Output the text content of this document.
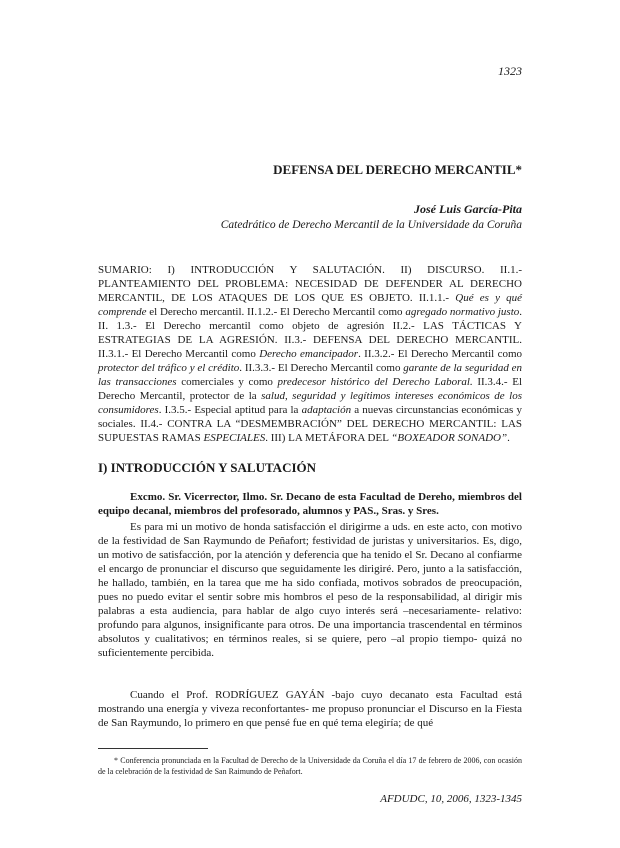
1323
DEFENSA DEL DERECHO MERCANTIL*
José Luis García-Pita
Catedrático de Derecho Mercantil de la Universidade da Coruña
SUMARIO: I) INTRODUCCIÓN Y SALUTACIÓN. II) DISCURSO. II.1.- PLANTEAMIENTO DEL PROBLEMA: NECESIDAD DE DEFENDER AL DERECHO MERCANTIL, DE LOS ATAQUES DE LOS QUE ES OBJETO. II.1.1.- Qué es y qué comprende el Derecho mercantil. II.1.2.- El Derecho Mercantil como agregado normativo justo. II. 1.3.- El Derecho mercantil como objeto de agresión II.2.- LAS TÁCTICAS Y ESTRATEGIAS DE LA AGRESIÓN. II.3.- DEFENSA DEL DERECHO MERCANTIL. II.3.1.- El Derecho Mercantil como Derecho emancipador. II.3.2.- El Derecho Mercantil como protector del tráfico y el crédito. II.3.3.- El Derecho Mercantil como garante de la seguridad en las transacciones comerciales y como predecesor histórico del Derecho Laboral. II.3.4.- El Derecho Mercantil, protector de la salud, seguridad y legítimos intereses económicos de los consumidores. I.3.5.- Especial aptitud para la adaptación a nuevas circunstancias económicas y sociales. II.4.- CONTRA LA “DESMEMBRACIÓN” DEL DERECHO MERCANTIL: LAS SUPUESTAS RAMAS ESPECIALES. III) LA METÁFORA DEL “BOXEADOR SONADO”.
I) INTRODUCCIÓN Y SALUTACIÓN
Excmo. Sr. Vicerrector, Ilmo. Sr. Decano de esta Facultad de Dereho, miembros del equipo decanal, miembros del profesorado, alumnos y PAS., Sras. y Sres.

Es para mi un motivo de honda satisfacción el dirigirme a uds. en este acto, con motivo de la festividad de San Raymundo de Peñafort; festividad de juristas y universitarios. Es, digo, un motivo de satisfacción, por la atención y deferencia que ha tenido el Sr. Decano al confiarme el encargo de pronunciar el discurso que seguidamente les dirigiré. Pero, junto a la satisfacción, he hallado, también, en la tarea que me ha sido confiada, motivos sobrados de preocupación, pues no puedo evitar el sentir sobre mis hombros el peso de la responsabilidad, al dirigir mis palabras a esta audiencia, para hablar de algo cuyo interés será –necesariamente- relativo: profundo para algunos, insignificante para otros. De una importancia trascendental en términos absolutos y cualitativos; en términos reales, si se quiere, pero –al propio tiempo- quizá no suficientemente percibida.

Cuando el Prof. RODRÍGUEZ GAYÁN -bajo cuyo decanato esta Facultad está mostrando una energía y viveza reconfortantes- me propuso pronunciar el Discurso en la Fiesta de San Raymundo, lo primero en que pensé fue en qué tema elegiría; de qué

* Conferencia pronunciada en la Facultad de Derecho de la Universidade da Coruña el día 17 de febrero de 2006, con ocasión de la celebración de la festividad de San Raimundo de Peñafort.
AFDUDC, 10, 2006, 1323-1345
